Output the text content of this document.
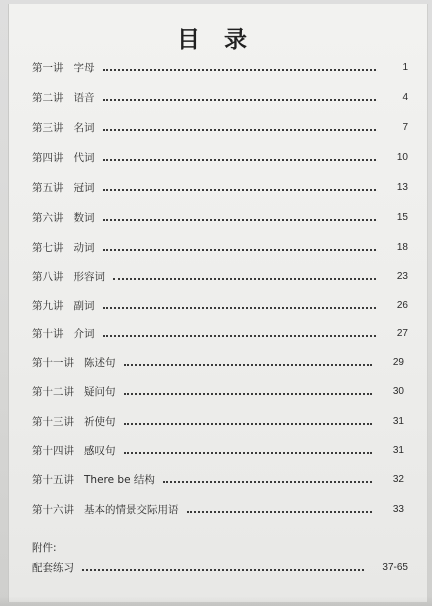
目 录
第一讲 字母	1
第二讲 语音	4
第三讲 名词	7
第四讲 代词	10
第五讲 冠词	13
第六讲 数词	15
第七讲 动词	18
第八讲 形容词	23
第九讲 副词	26
第十讲 介词	27
第十一讲 陈述句	29
第十二讲 疑问句	30
第十三讲 祈使句	31
第十四讲 感叹句	31
第十五讲 There be 结构	32
第十六讲 基本的情景交际用语	33
附件:
配套练习	37-65
